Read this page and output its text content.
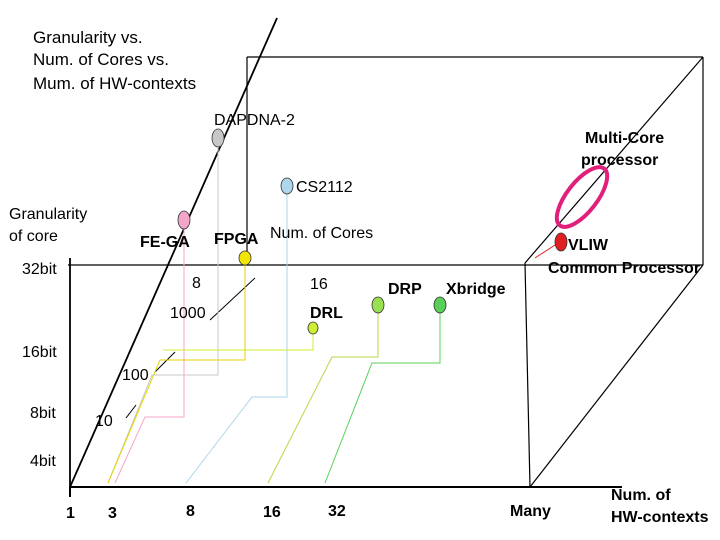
Granularity vs.
Num. of Cores vs.
Mum. of HW-contexts
Granularity
of core	Num. of Cores
Num. of
HW-contexts
32bit
16bit
8bit
4bit
8	16
100
10
1000
1 3	8	16	32	Many
DAPDNA-2
Multi-Core
processor
CS2112
FE-GA FPGA	VLIW
Common Processor
DRP Xbridge
DRL
